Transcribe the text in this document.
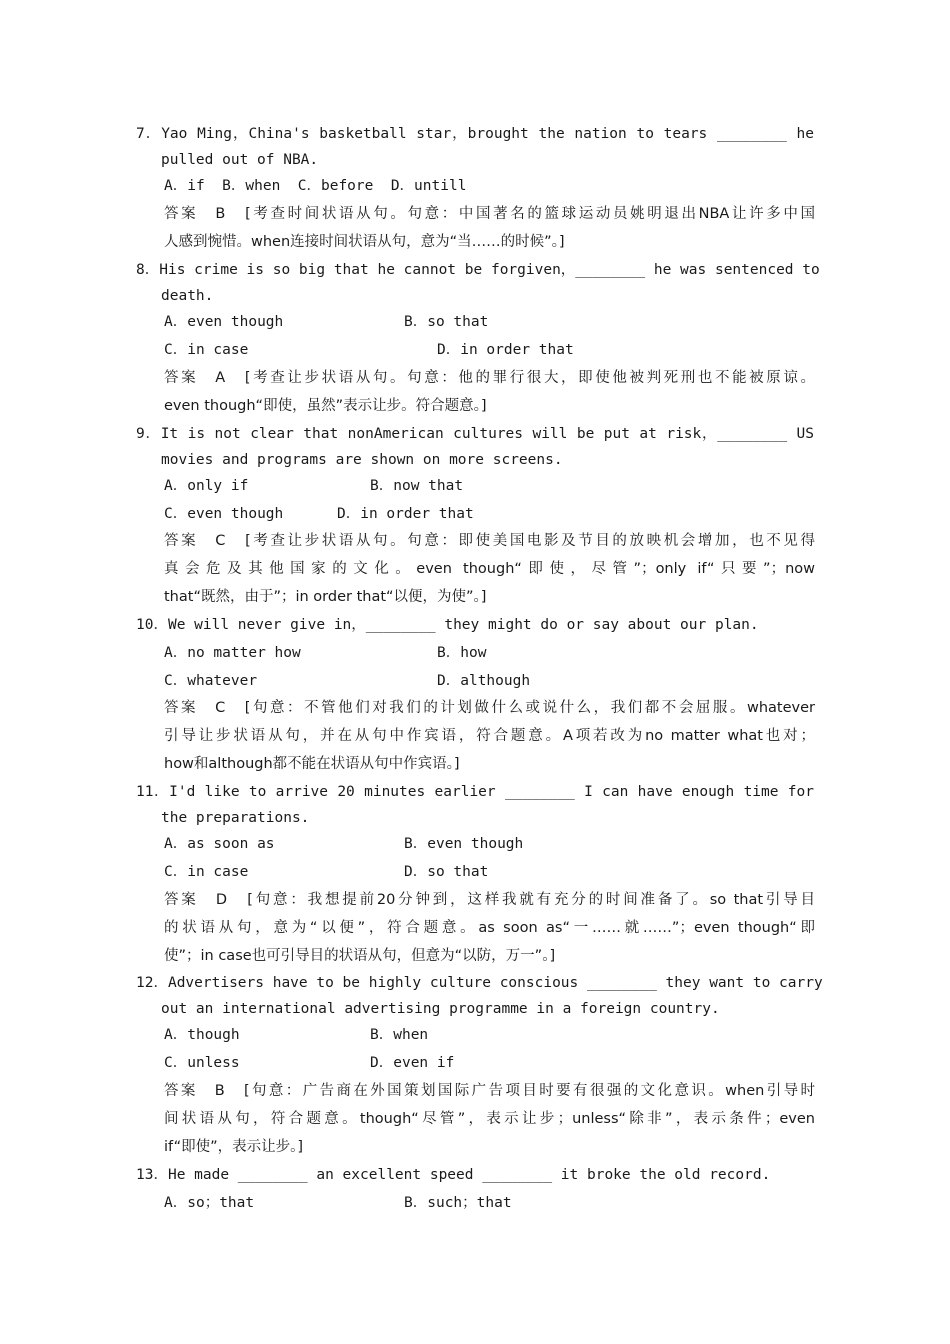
7．Yao Ming，China's basketball star，brought the nation to tears ________ he
pulled out of NBA.
A．if  B．when  C．before  D．untill
答案　B　[考查时间状语从句。句意：中国著名的篮球运动员姚明退出NBA让许多中国
人感到惋惜。when连接时间状语从句，意为“当……的时候”。]
8．His crime is so big that he cannot be forgiven，________ he was sentenced to
death.
A．even though	B．so that
C．in case	D．in order that
答案　A　[考查让步状语从句。句意：他的罪行很大，即使他被判死刑也不能被原谅。
even though“即使，虽然”表示让步。符合题意。]
9．It is not clear that nonAmerican cultures will be put at risk，________ US
movies and programs are shown on more screens.
A．only if	B．now that
C．even though	D．in order that
答案　C　[考查让步状语从句。句意：即使美国电影及节目的放映机会增加，也不见得
真会危及其他国家的文化。even though“即使，尽管”；only if“只要”；now
that“既然，由于”；in order that“以便，为使”。]
10．We will never give in，________ they might do or say about our plan.
A．no matter how	B．how
C．whatever	D．although
答案　C　[句意：不管他们对我们的计划做什么或说什么，我们都不会屈服。whatever
引导让步状语从句，并在从句中作宾语，符合题意。A项若改为no matter what也对；
how和although都不能在状语从句中作宾语。]
11．I'd like to arrive 20 minutes earlier ________ I can have enough time for
the preparations.
A．as soon as	B．even though
C．in case	D．so that
答案　D　[句意：我想提前20分钟到，这样我就有充分的时间准备了。so that引导目
的状语从句，意为“以便”，符合题意。as soon as“一……就……”；even though“即
使”；in case也可引导目的状语从句，但意为“以防，万一”。]
12．Advertisers have to be highly culture conscious ________ they want to carry
out an international advertising programme in a foreign country.
A．though	B．when
C．unless	D．even if
答案　B　[句意：广告商在外国策划国际广告项目时要有很强的文化意识。when引导时
间状语从句，符合题意。though“尽管”，表示让步；unless“除非”，表示条件；even
if“即使”，表示让步。]
13．He made ________ an excellent speed ________ it broke the old record.
A．so；that	B．such；that
